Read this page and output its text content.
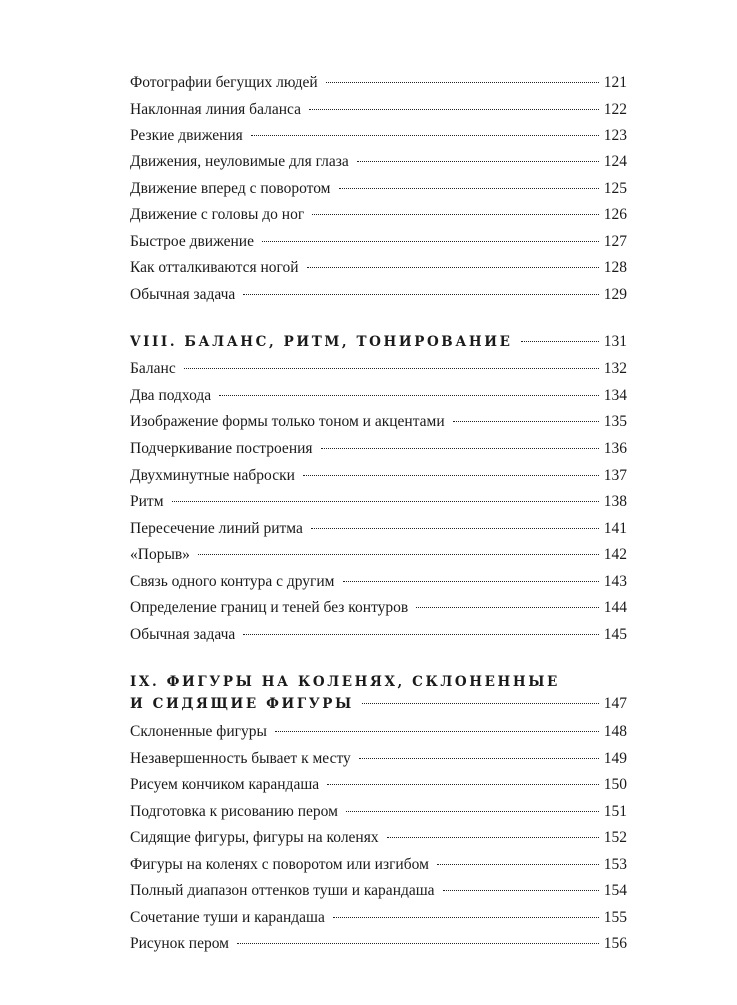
Фотографии бегущих людей	121
Наклонная линия баланса	122
Резкие движения	123
Движения, неуловимые для глаза	124
Движение вперед с поворотом	125
Движение с головы до ног	126
Быстрое движение	127
Как отталкиваются ногой	128
Обычная задача	129
VIII. БАЛАНС, РИТМ, ТОНИРОВАНИЕ	131
Баланс	132
Два подхода	134
Изображение формы только тоном и акцентами	135
Подчеркивание построения	136
Двухминутные наброски	137
Ритм	138
Пересечение линий ритма	141
«Порыв»	142
Связь одного контура с другим	143
Определение границ и теней без контуров	144
Обычная задача	145
IX. ФИГУРЫ НА КОЛЕНЯХ, СКЛОНЕННЫЕ
И СИДЯЩИЕ ФИГУРЫ	147
Склоненные фигуры	148
Незавершенность бывает к месту	149
Рисуем кончиком карандаша	150
Подготовка к рисованию пером	151
Сидящие фигуры, фигуры на коленях	152
Фигуры на коленях с поворотом или изгибом	153
Полный диапазон оттенков туши и карандаша	154
Сочетание туши и карандаша	155
Рисунок пером	156
